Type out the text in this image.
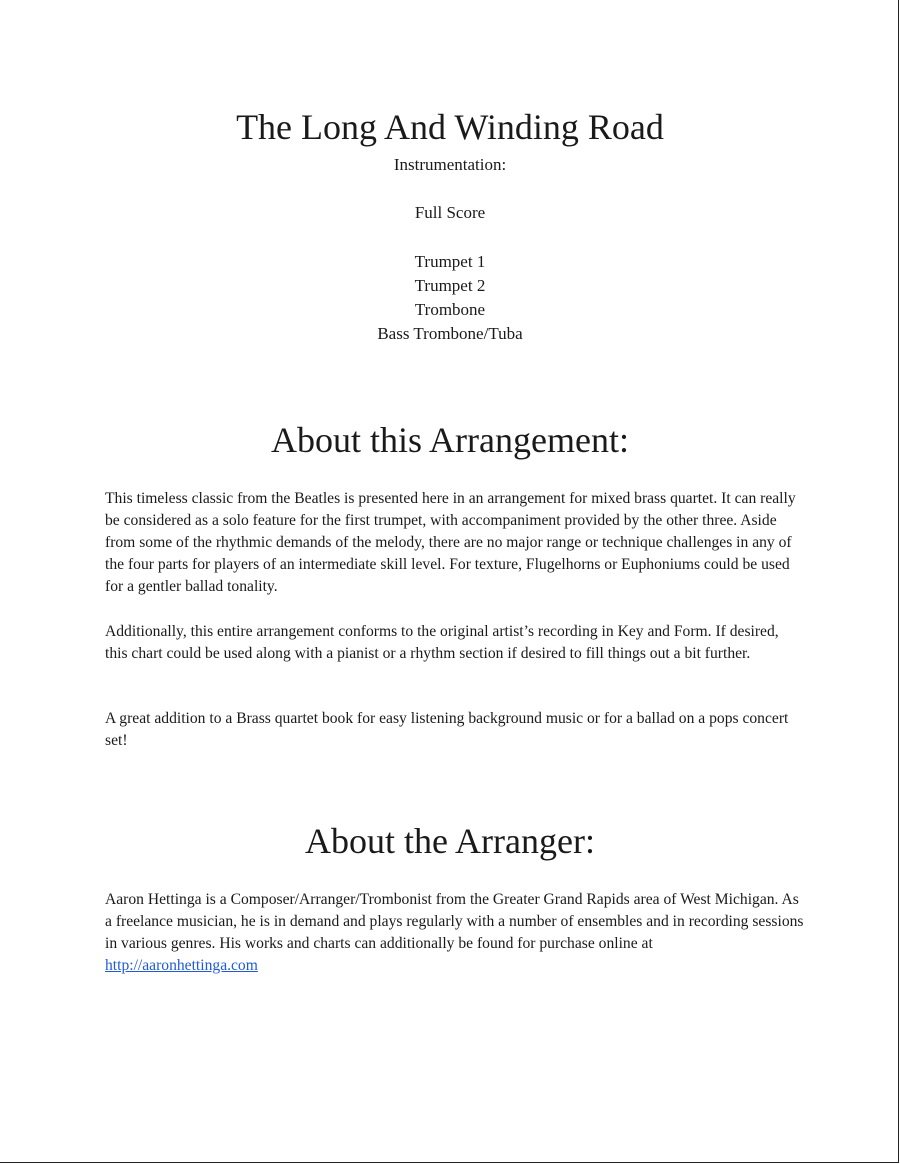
The Long And Winding Road
Instrumentation:
Full Score
Trumpet 1
Trumpet 2
Trombone
Bass Trombone/Tuba
About this Arrangement:

This timeless classic from the Beatles is presented here in an arrangement for mixed brass quartet. It can really be considered as a solo feature for the first trumpet, with accompaniment provided by the other three. Aside from some of the rhythmic demands of the melody, there are no major range or technique challenges in any of the four parts for players of an intermediate skill level. For texture, Flugelhorns or Euphoniums could be used for a gentler ballad tonality.

Additionally, this entire arrangement conforms to the original artist’s recording in Key and Form. If desired, this chart could be used along with a pianist or a rhythm section if desired to fill things out a bit further.

A great addition to a Brass quartet book for easy listening background music or for a ballad on a pops concert set!

About the Arranger:

Aaron Hettinga is a Composer/Arranger/Trombonist from the Greater Grand Rapids area of West Michigan. As a freelance musician, he is in demand and plays regularly with a number of ensembles and in recording sessions in various genres. His works and charts can additionally be found for purchase online at http://aaronhettinga.com
